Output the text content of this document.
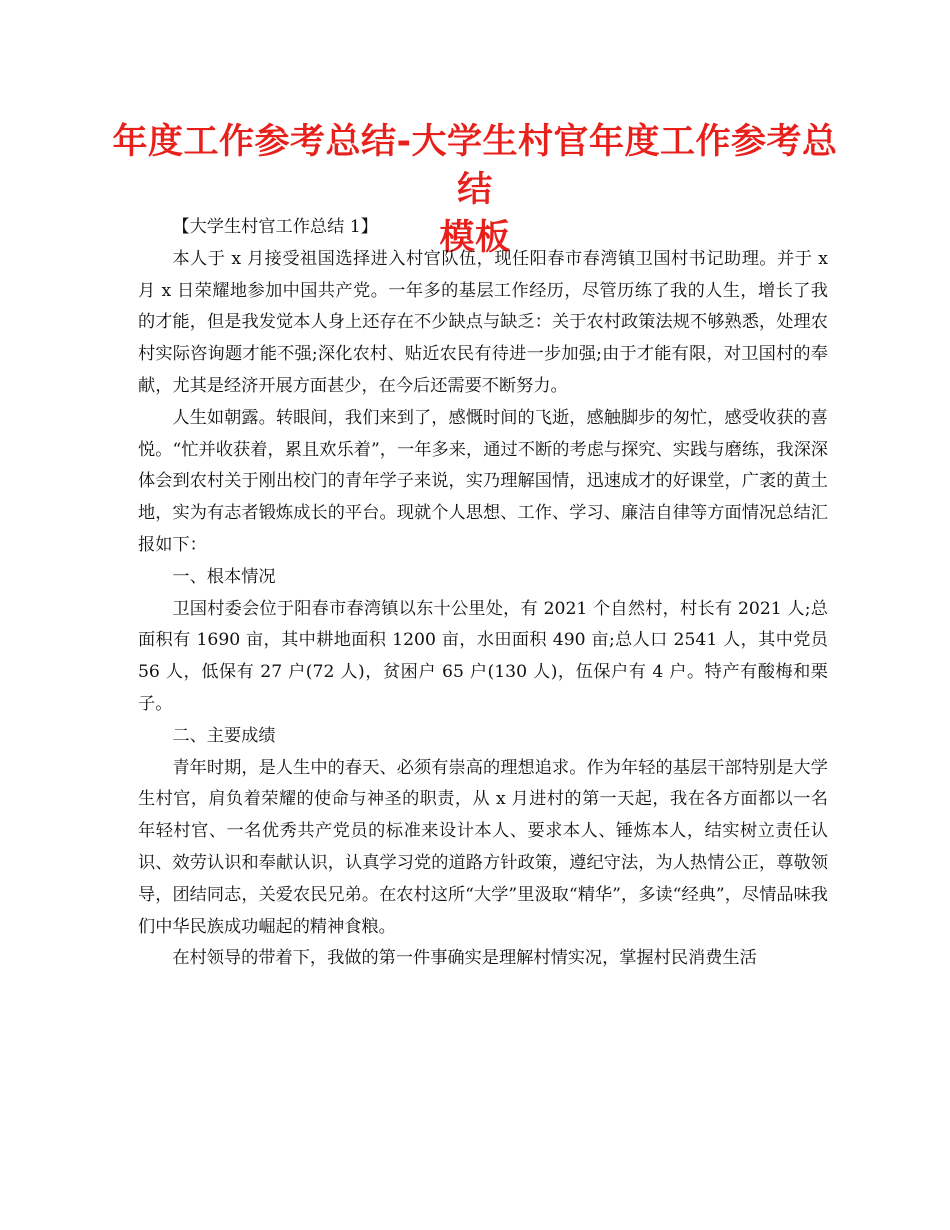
年度工作参考总结-大学生村官年度工作参考总结
模板

【大学生村官工作总结 1】

本人于 x 月接受祖国选择进入村官队伍，现任阳春市春湾镇卫国村书记助理。并于 x 月 x 日荣耀地参加中国共产党。一年多的基层工作经历，尽管历练了我的人生，增长了我的才能，但是我发觉本人身上还存在不少缺点与缺乏：关于农村政策法规不够熟悉，处理农村实际咨询题才能不强;深化农村、贴近农民有待进一步加强;由于才能有限，对卫国村的奉献，尤其是经济开展方面甚少，在今后还需要不断努力。

人生如朝露。转眼间，我们来到了，感慨时间的飞逝，感触脚步的匆忙，感受收获的喜悦。“忙并收获着，累且欢乐着”，一年多来，通过不断的考虑与探究、实践与磨练，我深深体会到农村关于刚出校门的青年学子来说，实乃理解国情，迅速成才的好课堂，广袤的黄土地，实为有志者锻炼成长的平台。现就个人思想、工作、学习、廉洁自律等方面情况总结汇报如下：

一、根本情况

卫国村委会位于阳春市春湾镇以东十公里处，有 2021 个自然村，村长有 2021 人;总面积有 1690 亩，其中耕地面积 1200 亩，水田面积 490 亩;总人口 2541 人，其中党员 56 人，低保有 27 户(72 人)，贫困户 65 户(130 人)，伍保户有 4 户。特产有酸梅和栗子。

二、主要成绩

青年时期，是人生中的春天、必须有崇高的理想追求。作为年轻的基层干部特别是大学生村官，肩负着荣耀的使命与神圣的职责，从 x 月进村的第一天起，我在各方面都以一名年轻村官、一名优秀共产党员的标准来设计本人、要求本人、锤炼本人，结实树立责任认识、效劳认识和奉献认识，认真学习党的道路方针政策，遵纪守法，为人热情公正，尊敬领导，团结同志，关爱农民兄弟。在农村这所“大学”里汲取“精华”，多读“经典”，尽情品味我们中华民族成功崛起的精神食粮。

在村领导的带着下，我做的第一件事确实是理解村情实况，掌握村民消费生活
